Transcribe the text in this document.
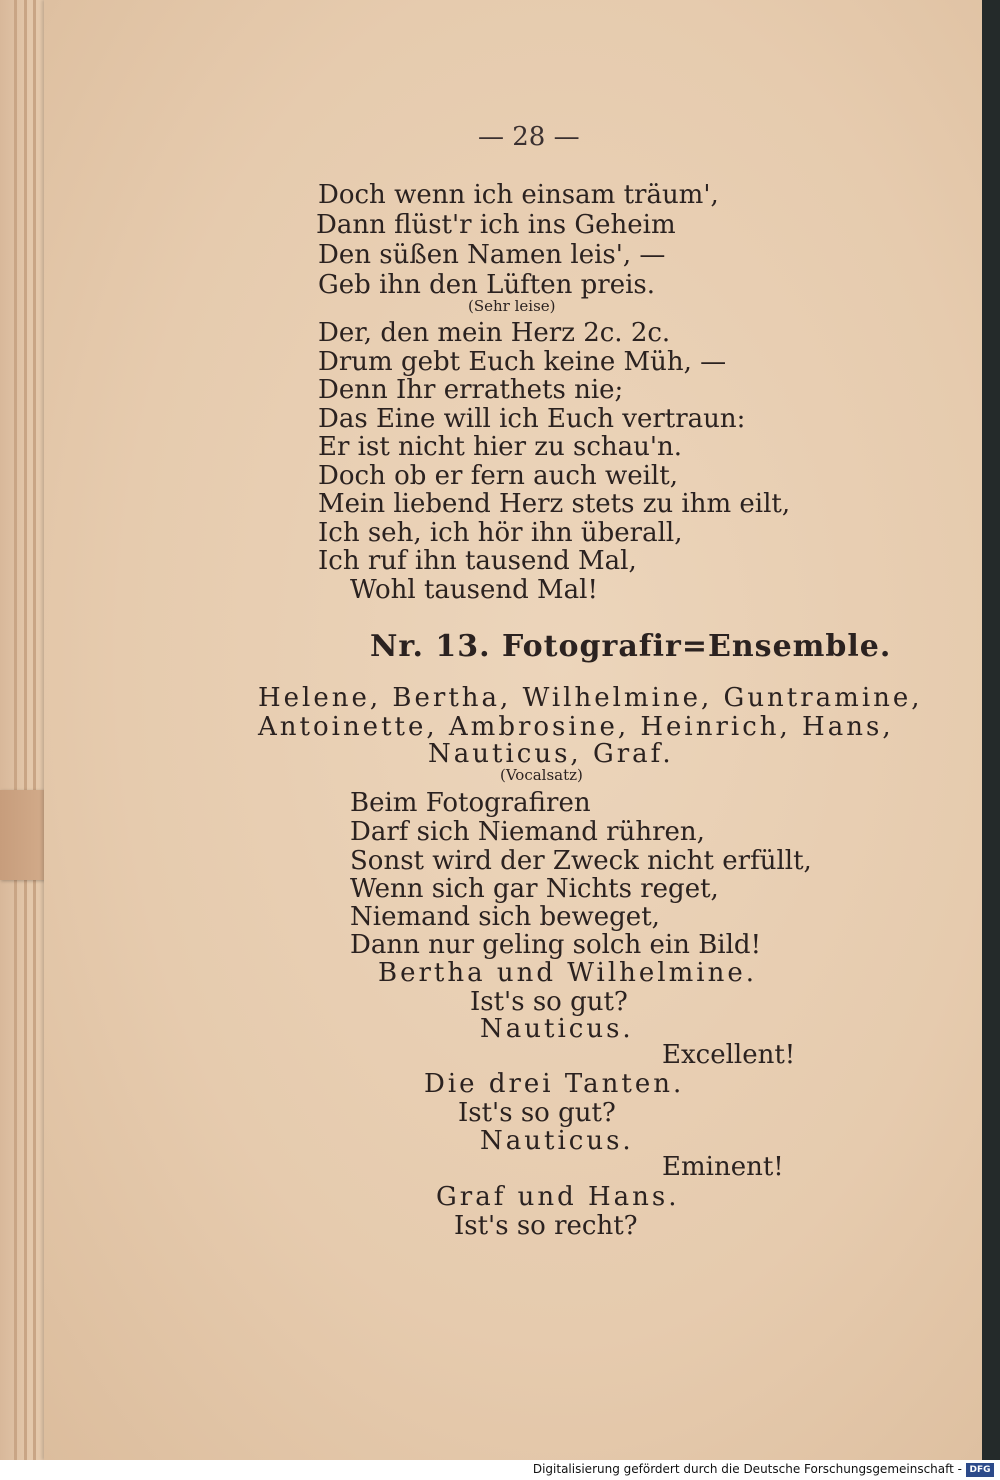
— 28 —
Doch wenn ich einsam träum',
Dann flüst'r ich ins Geheim
Den süßen Namen leis', —
Geb ihn den Lüften preis.
(Sehr leise)
Der, den mein Herz 2c. 2c.
Drum gebt Euch keine Müh, —
Denn Ihr errathets nie;
Das Eine will ich Euch vertraun:
Er ist nicht hier zu schau'n.
Doch ob er fern auch weilt,
Mein liebend Herz stets zu ihm eilt,
Ich seh, ich hör ihn überall,
Ich ruf ihn tausend Mal,
Wohl tausend Mal!
Nr. 13. Fotografir=Ensemble.
Helene, Bertha, Wilhelmine, Guntramine,
Antoinette, Ambrosine, Heinrich, Hans,
Nauticus, Graf.
(Vocalsatz)
Beim Fotografiren
Darf sich Niemand rühren,
Sonst wird der Zweck nicht erfüllt,
Wenn sich gar Nichts reget,
Niemand sich beweget,
Dann nur geling solch ein Bild!
Bertha und Wilhelmine.
Ist's so gut?
Nauticus.
Excellent!
Die drei Tanten.
Ist's so gut?
Nauticus.
Eminent!
Graf und Hans.
Ist's so recht?
Digitalisierung gefördert durch die Deutsche Forschungsgemeinschaft - DFG
